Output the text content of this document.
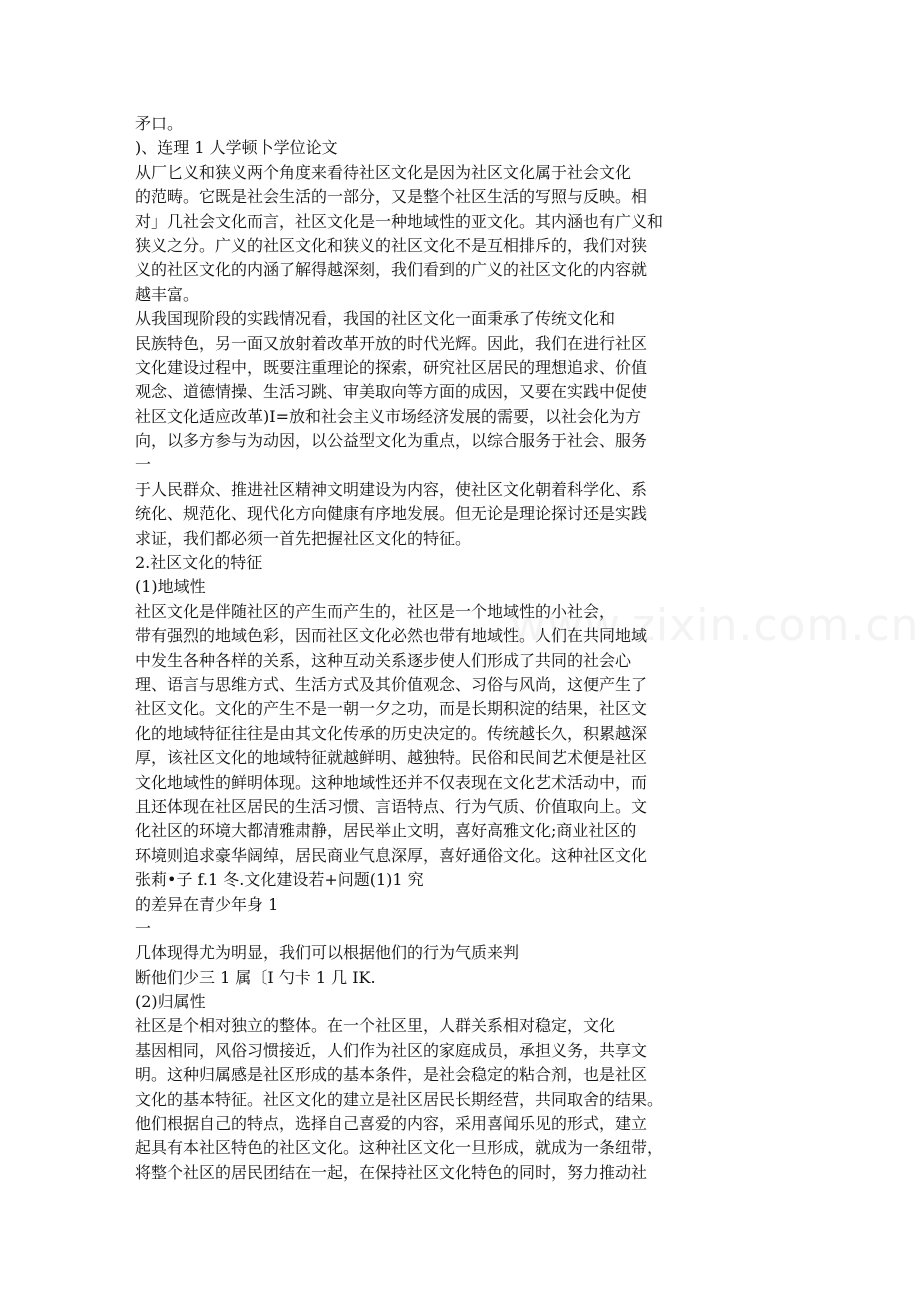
www.zixin.com.cn
矛口。
)、连理 1 人学顿卜学位论文
从厂匕义和狭义两个角度来看待社区文化是因为社区文化属于社会文化
的范畴。它既是社会生活的一部分，又是整个社区生活的写照与反映。相
对」几社会文化而言，社区文化是一种地域性的亚文化。其内涵也有广义和
狭义之分。广义的社区文化和狭义的社区文化不是互相排斥的，我们对狭
义的社区文化的内涵了解得越深刻，我们看到的广义的社区文化的内容就
越丰富。
从我国现阶段的实践情况看，我国的社区文化一面秉承了传统文化和
民族特色，另一面又放射着改革开放的时代光辉。因此，我们在进行社区
文化建设过程中，既要注重理论的探索，研究社区居民的理想追求、价值
观念、道德情操、生活习跳、审美取向等方面的成因，又要在实践中促使
社区文化适应改革)I=放和社会主义市场经济发展的需要，以社会化为方
向，以多方参与为动因，以公益型文化为重点，以综合服务于社会、服务
一
于人民群众、推进社区精神文明建设为内容，使社区文化朝着科学化、系
统化、规范化、现代化方向健康有序地发展。但无论是理论探讨还是实践
求证，我们都必须一首先把握社区文化的特征。
2.社区文化的特征
(1)地域性
社区文化是伴随社区的产生而产生的，社区是一个地域性的小社会，
带有强烈的地域色彩，因而社区文化必然也带有地域性。人们在共同地域
中发生各种各样的关系，这种互动关系逐步使人们形成了共同的社会心
理、语言与思维方式、生活方式及其价值观念、习俗与风尚，这便产生了
社区文化。文化的产生不是一朝一夕之功，而是长期积淀的结果，社区文
化的地域特征往往是由其文化传承的历史决定的。传统越长久，积累越深
厚，该社区文化的地域特征就越鲜明、越独特。民俗和民间艺术便是社区
文化地域性的鲜明体现。这种地域性还并不仅表现在文化艺术活动中，而
且还体现在社区居民的生活习惯、言语特点、行为气质、价值取向上。文
化社区的环境大都清雅肃静，居民举止文明，喜好高雅文化;商业社区的
环境则追求豪华阔绰，居民商业气息深厚，喜好通俗文化。这种社区文化
张莉•子 f.1 冬.文化建设若+问题(1)1 究
的差异在青少年身 1
一
几体现得尤为明显，我们可以根据他们的行为气质来判
断他们少三 1 属〔I 勺卡 1 几 IK.
(2)归属性
社区是个相对独立的整体。在一个社区里，人群关系相对稳定，文化
基因相同，风俗习惯接近，人们作为社区的家庭成员，承担义务，共享文
明。这种归属感是社区形成的基本条件，是社会稳定的粘合剂，也是社区
文化的基本特征。社区文化的建立是社区居民长期经营，共同取舍的结果。
他们根据自己的特点，选择自己喜爱的内容，采用喜闻乐见的形式，建立
起具有本社区特色的社区文化。这种社区文化一旦形成，就成为一条纽带，
将整个社区的居民团结在一起，在保持社区文化特色的同时，努力推动社
